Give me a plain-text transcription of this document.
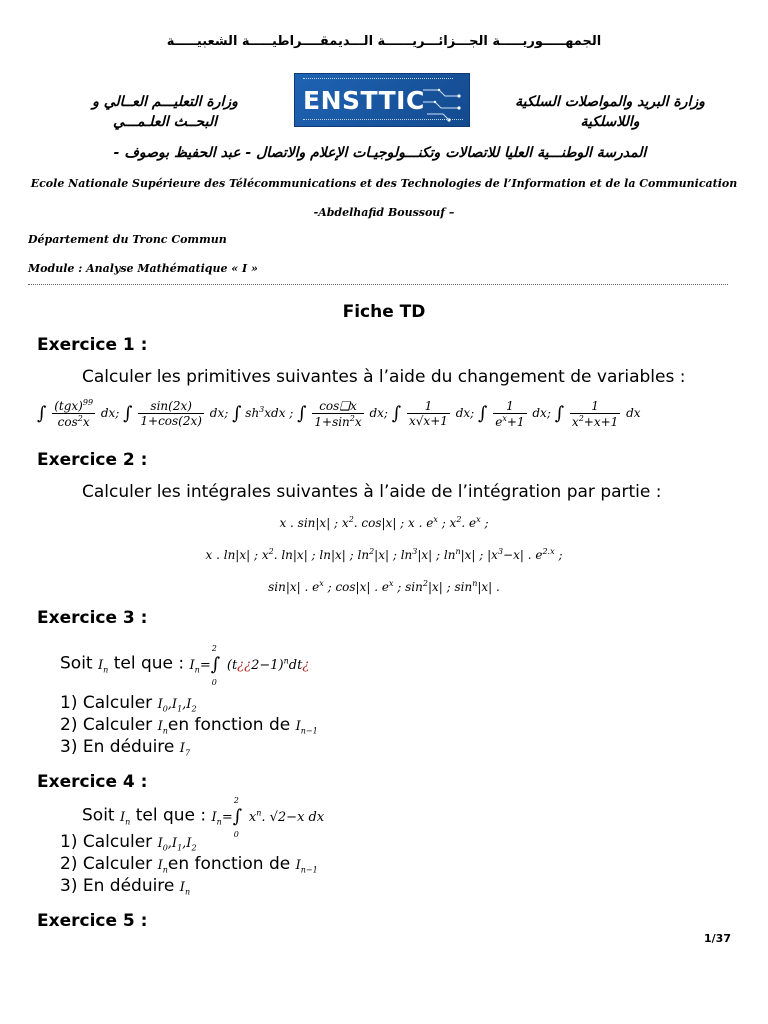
الجمهـــــوريـــــة الجـــزائـــريــــــة الـــديمقــــراطيـــــة الشعبيـــــة
وزارة البريد والمواصلات السلكية
واللاسلكية
ENSTTIC
وزارة التعليـــم العــالي و
البحــث العلـمـــي
المدرسة الوطنـــية العليا للاتصالات وتكنـــولوجيـات الإعلام والاتصال - عبد الحفيظ بوصوف -
Ecole Nationale Supérieure des Télécommunications et des Technologies de l’Information et de la Communication
-Abdelhafid Boussouf –
Département du Tronc Commun
Module : Analyse Mathématique « I »
Fiche TD
Exercice 1 :
Calculer les primitives suivantes à l’aide du changement de variables :
∫ $\frac{(tgx)^{99}}{\cos^2x}$ dx; ∫ $\frac{\sin(2x)}{1+\cos(2x)}$ dx; ∫ $sh^3xdx$ ; ∫ $\frac{\cos❑x}{1+\sin^2x}$ dx; ∫ $\frac{1}{x√x+1}$ dx; ∫ $\frac{1}{e^x+1}$ dx; ∫ $\frac{1}{x^2+x+1}$ dx
Exercice 2 :
Calculer les intégrales suivantes à l’aide de l’intégration par partie :
x . sin|x| ; $x^2$. cos|x| ; x . $e^x$ ; $x^2$. $e^x$ ;
x . ln|x| ; $x^2$. ln|x| ; ln|x| ; $\ln^2|x|$ ; $\ln^3|x|$ ; $\ln^n|x|$ ; $|x^3-x|$ . $e^{2.x}$ ;
sin|x| . $e^x$ ; cos|x| . $e^x$ ; $\sin^2|x|$ ; $\sin^n|x|$ .
Exercice 3 :
Soit $I_n$ tel que : $I_n=$
2
∫
0
(t¿¿2−1)$^n$dt¿
1) Calculer $I_0,I_1,I_2$
2) Calculer $I_nen$ fonction de $I_{n-1}$
3) En déduire $I_7$
Exercice 4 :
Soit $I_n$ tel que : $I_n=$
2
∫
0
$x^n$. √2−x dx
1) Calculer $I_0,I_1,I_2$
2) Calculer $I_nen$ fonction de $I_{n-1}$
3) En déduire $I_n$
Exercice 5 :
1/37
